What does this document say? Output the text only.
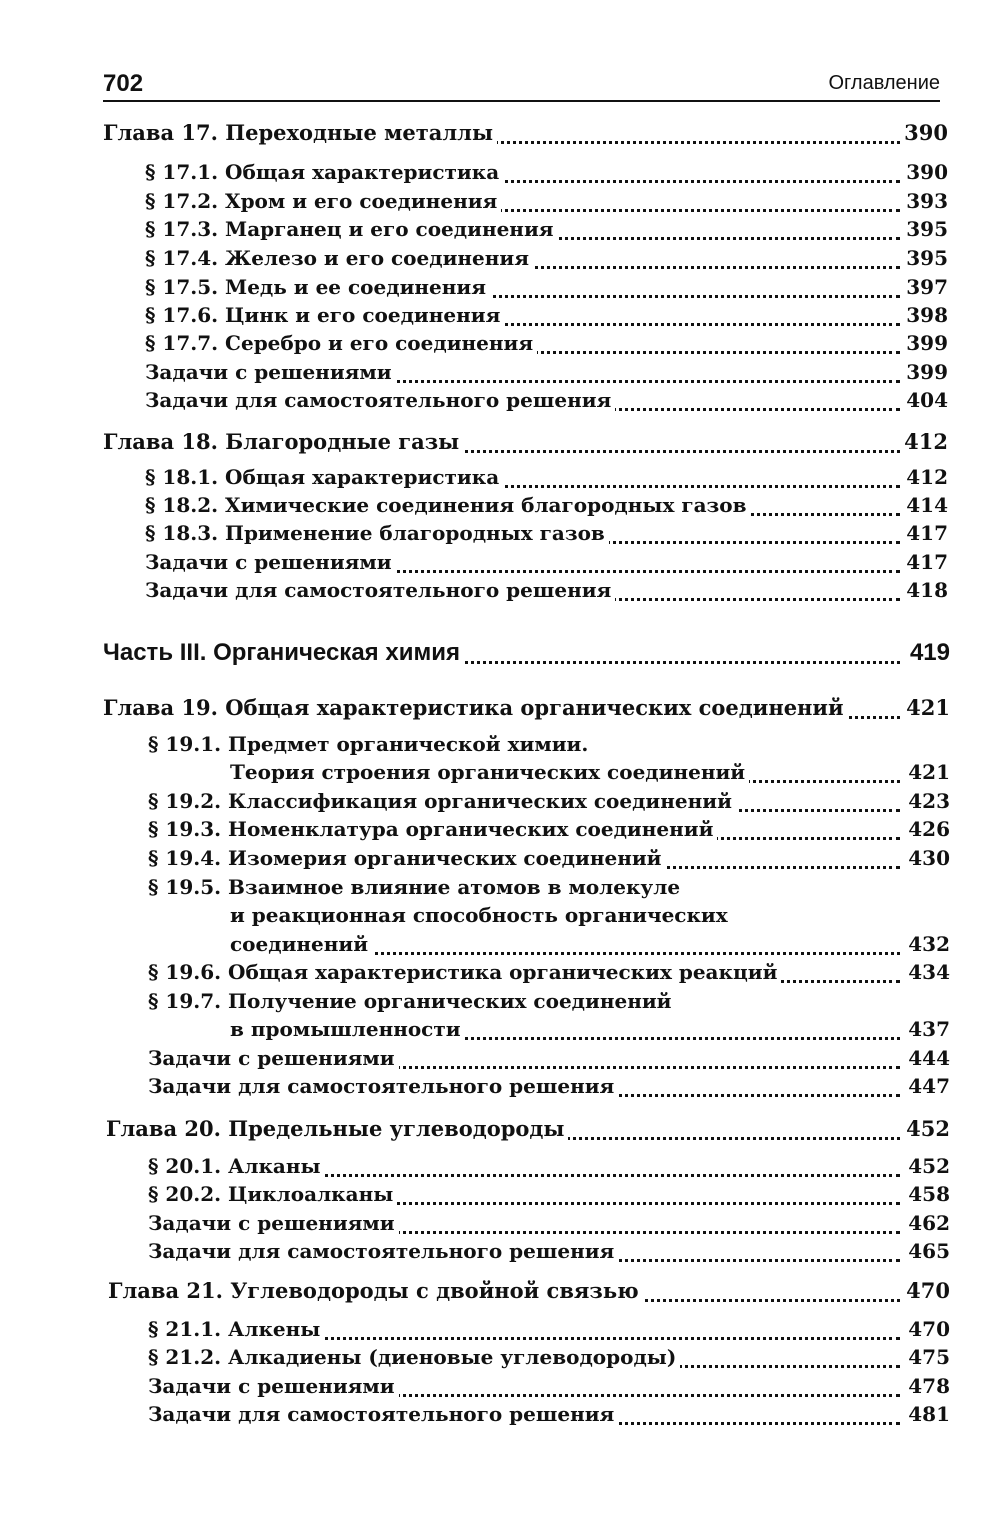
702	Оглавление
Глава 17. Переходные металлы	390
§ 17.1. Общая характеристика	390
§ 17.2. Хром и его соединения	393
§ 17.3. Марганец и его соединения	395
§ 17.4. Железо и его соединения	395
§ 17.5. Медь и ее соединения	397
§ 17.6. Цинк и его соединения	398
§ 17.7. Серебро и его соединения	399
Задачи с решениями	399
Задачи для самостоятельного решения	404
Глава 18. Благородные газы	412
§ 18.1. Общая характеристика	412
§ 18.2. Химические соединения благородных газов	414
§ 18.3. Применение благородных газов	417
Задачи с решениями	417
Задачи для самостоятельного решения	418
Часть III. Органическая химия	419
Глава 19. Общая характеристика органических соединений	421
§ 19.1. Предмет органической химии.
Теория строения органических соединений	421
§ 19.2. Классификация органических соединений	423
§ 19.3. Номенклатура органических соединений	426
§ 19.4. Изомерия органических соединений	430
§ 19.5. Взаимное влияние атомов в молекуле
и реакционная способность органических
соединений	432
§ 19.6. Общая характеристика органических реакций	434
§ 19.7. Получение органических соединений
в промышленности	437
Задачи с решениями	444
Задачи для самостоятельного решения	447
Глава 20. Предельные углеводороды	452
§ 20.1. Алканы	452
§ 20.2. Циклоалканы	458
Задачи с решениями	462
Задачи для самостоятельного решения	465
Глава 21. Углеводороды с двойной связью	470
§ 21.1. Алкены	470
§ 21.2. Алкадиены (диеновые углеводороды)	475
Задачи с решениями	478
Задачи для самостоятельного решения	481
